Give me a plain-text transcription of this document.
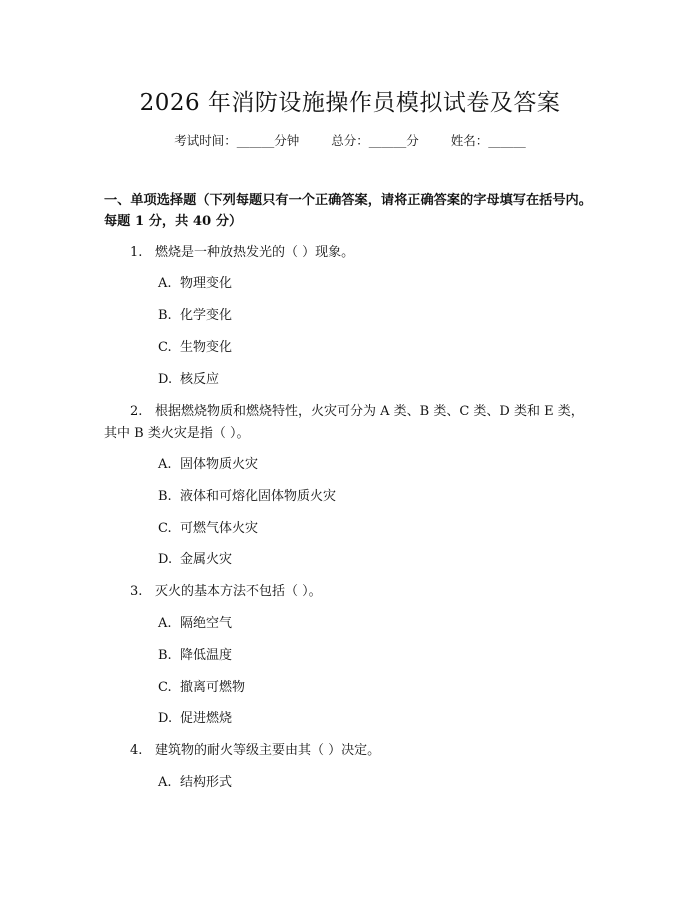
2026 年消防设施操作员模拟试卷及答案
考试时间：______分钟	总分：______分	姓名：______
一、单项选择题（下列每题只有一个正确答案，请将正确答案的字母填写在括号内。每题 1 分，共 40 分）
1. 燃烧是一种放热发光的（ ）现象。
A. 物理变化
B. 化学变化
C. 生物变化
D. 核反应
2. 根据燃烧物质和燃烧特性，火灾可分为 A 类、B 类、C 类、D 类和 E 类，
其中 B 类火灾是指（ ）。
A. 固体物质火灾
B. 液体和可熔化固体物质火灾
C. 可燃气体火灾
D. 金属火灾
3. 灭火的基本方法不包括（ ）。
A. 隔绝空气
B. 降低温度
C. 撤离可燃物
D. 促进燃烧
4. 建筑物的耐火等级主要由其（ ）决定。
A. 结构形式
